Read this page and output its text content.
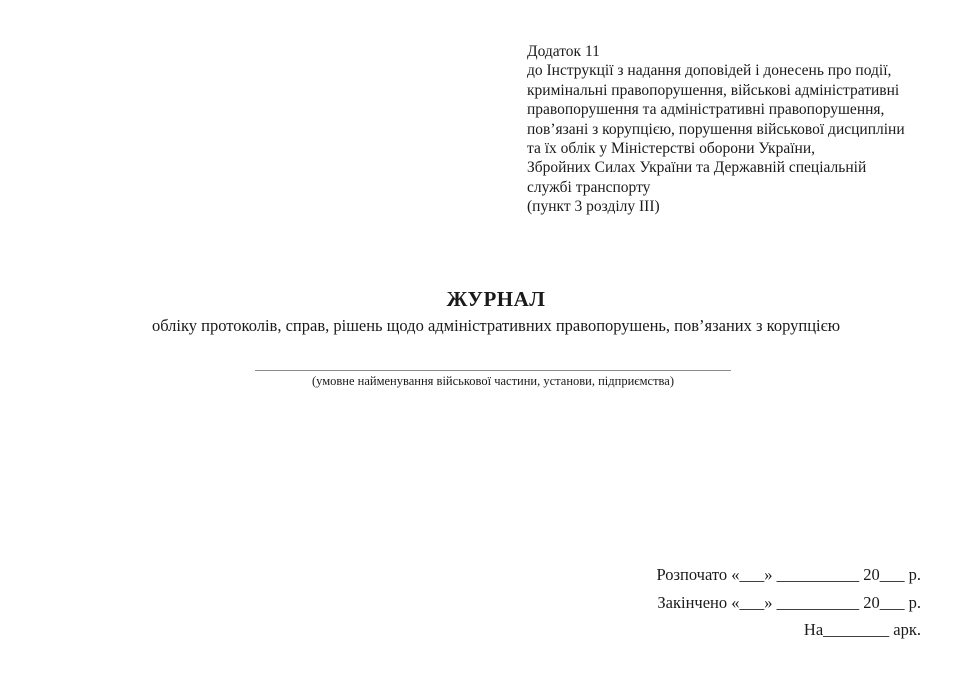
Додаток 11
до Інструкції з надання доповідей і донесень про події,
кримінальні правопорушення, військові адміністративні
правопорушення та адміністративні правопорушення,
пов’язані з корупцією, порушення військової дисципліни
та їх облік у Міністерстві оборони України,
Збройних Силах України та Державній спеціальній
службі транспорту
(пункт 3 розділу ІІІ)
ЖУРНАЛ
обліку протоколів, справ, рішень щодо адміністративних правопорушень, пов’язаних з корупцією
(умовне найменування військової частини, установи, підприємства)
Розпочато «___» __________ 20___ р.
Закінчено «___» __________ 20___ р.
На________ арк.
